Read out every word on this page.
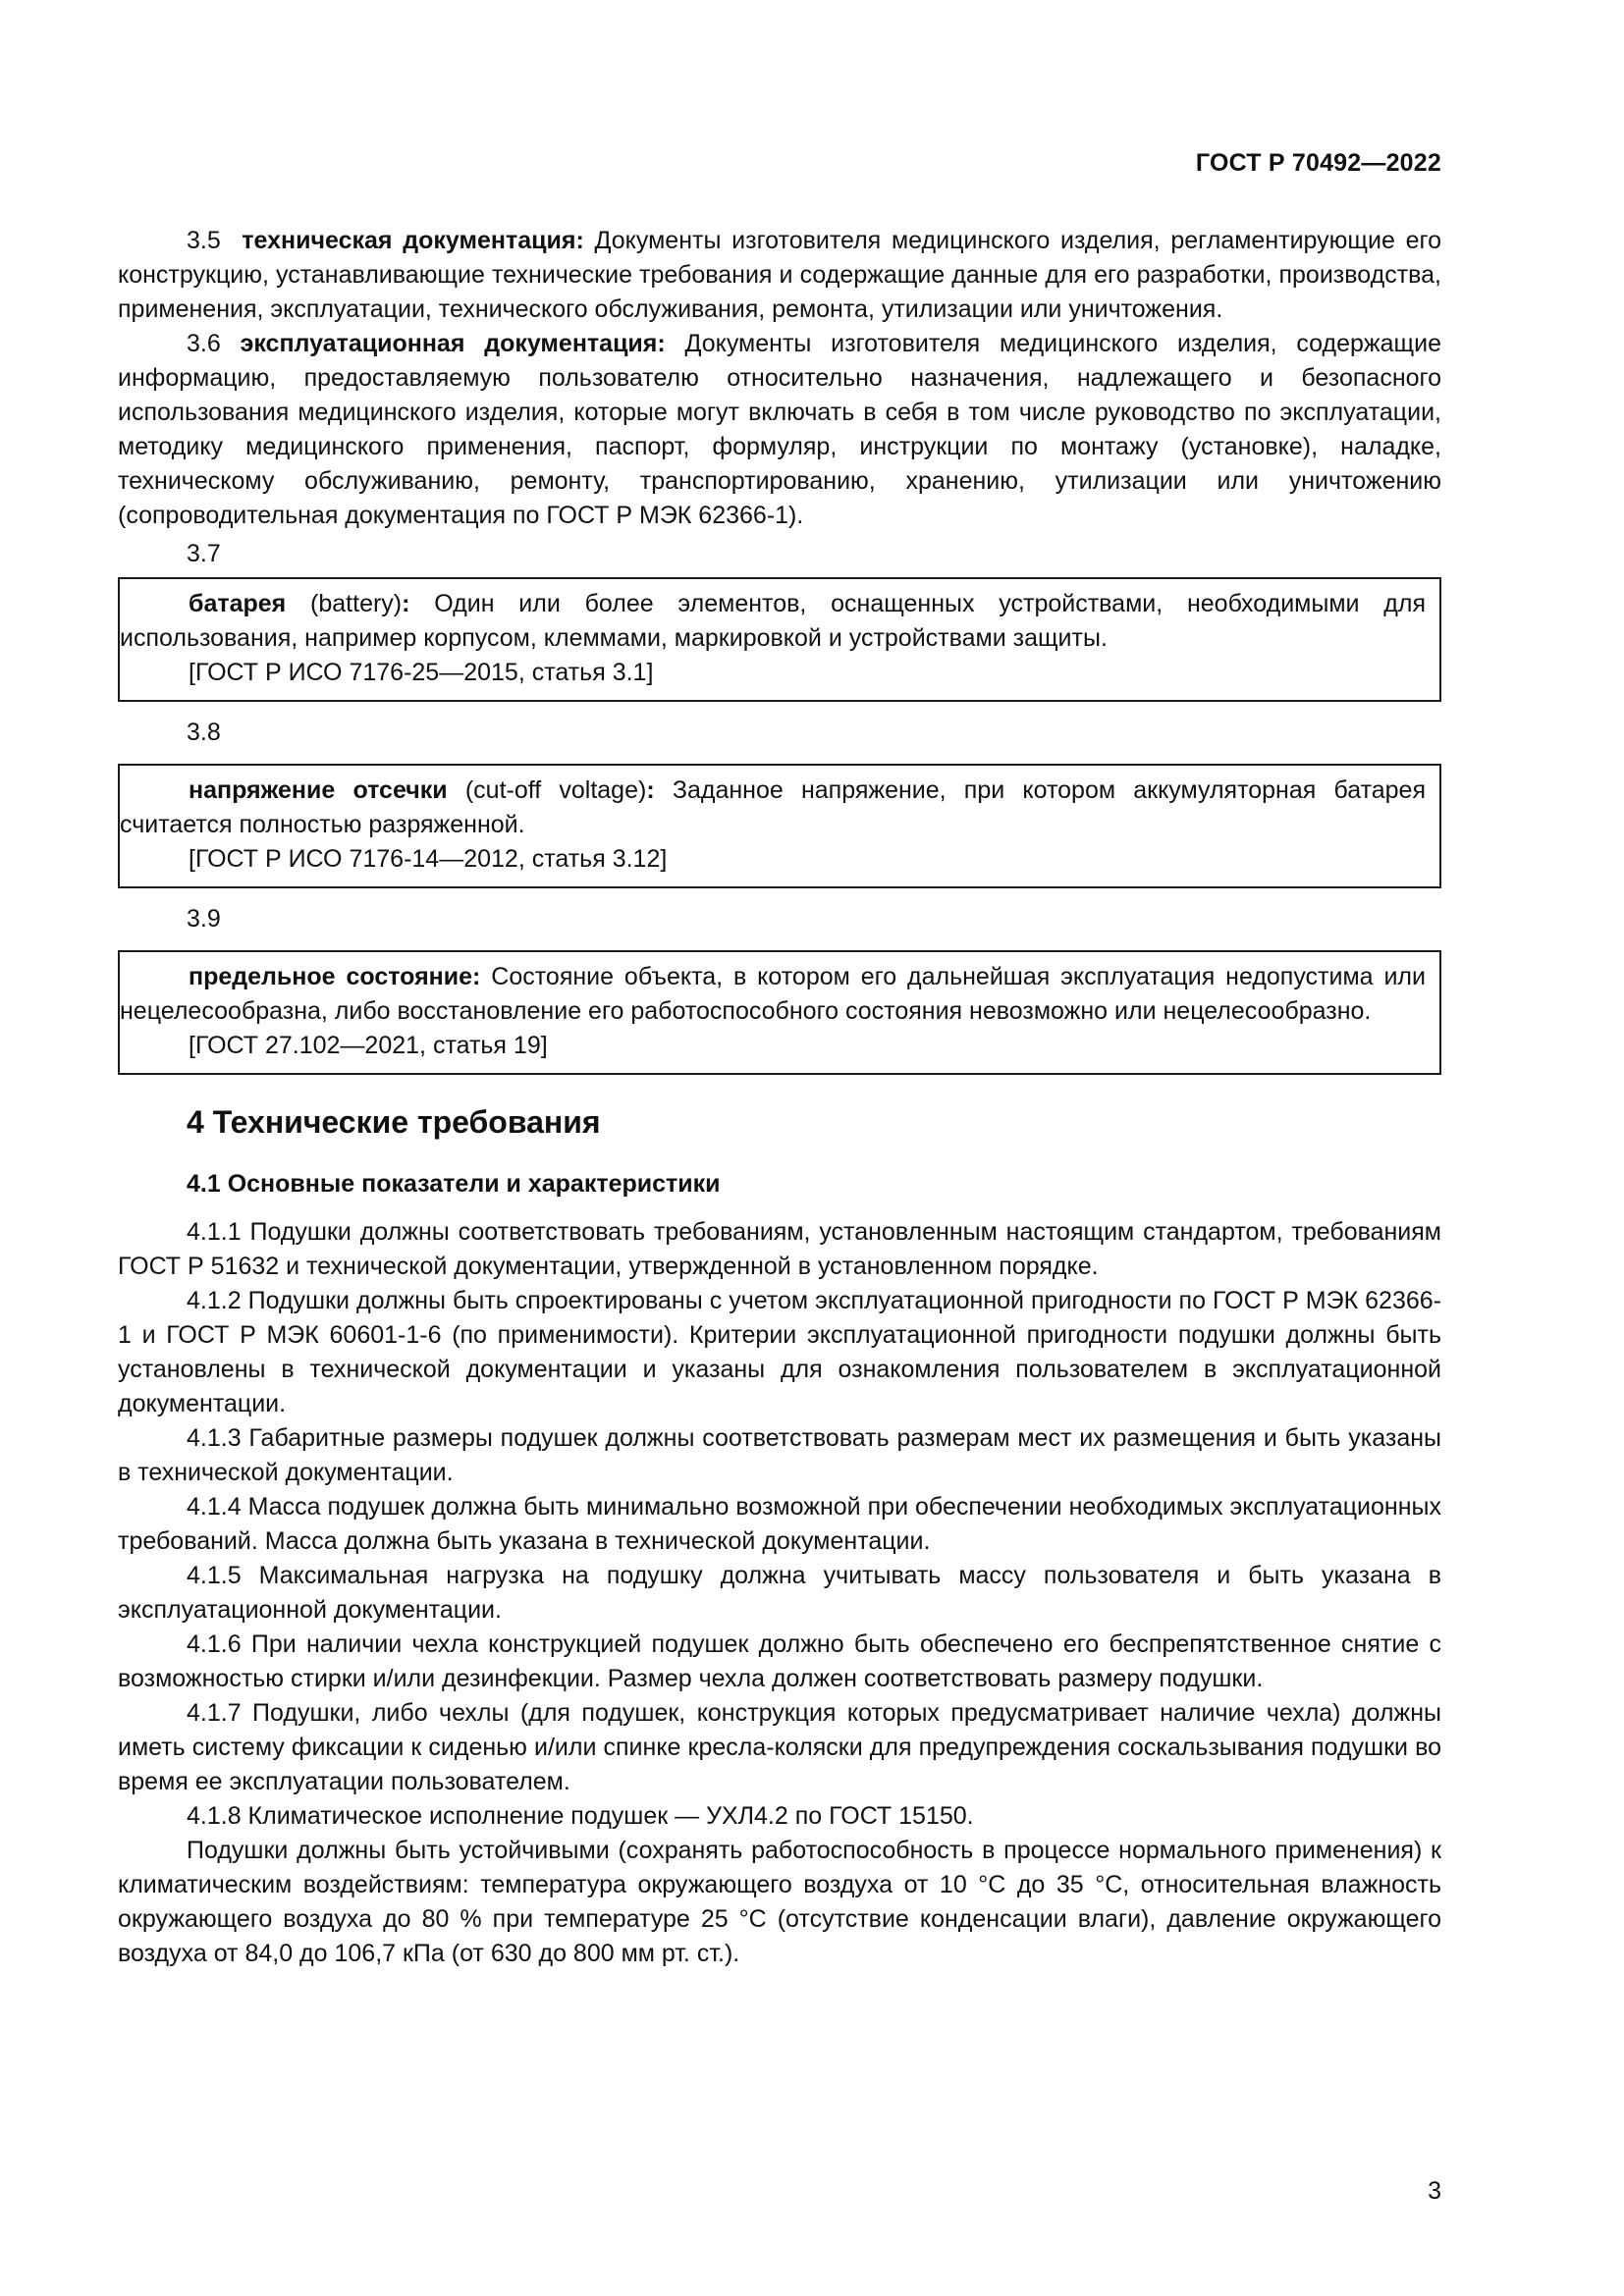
ГОСТ Р 70492—2022

3.5 техническая документация: Документы изготовителя медицинского изделия, регламентирующие его конструкцию, устанавливающие технические требования и содержащие данные для его разработки, производства, применения, эксплуатации, технического обслуживания, ремонта, утилизации или уничтожения.

3.6 эксплуатационная документация: Документы изготовителя медицинского изделия, содержащие информацию, предоставляемую пользователю относительно назначения, надлежащего и безопасного использования медицинского изделия, которые могут включать в себя в том числе руководство по эксплуатации, методику медицинского применения, паспорт, формуляр, инструкции по монтажу (установке), наладке, техническому обслуживанию, ремонту, транспортированию, хранению, утилизации или уничтожению (сопроводительная документация по ГОСТ Р МЭК 62366-1).

3.7

батарея (battery): Один или более элементов, оснащенных устройствами, необходимыми для использования, например корпусом, клеммами, маркировкой и устройствами защиты.

[ГОСТ Р ИСО 7176-25—2015, статья 3.1]

3.8

напряжение отсечки (cut-off voltage): Заданное напряжение, при котором аккумуляторная батарея считается полностью разряженной.

[ГОСТ Р ИСО 7176-14—2012, статья 3.12]

3.9

предельное состояние: Состояние объекта, в котором его дальнейшая эксплуатация недопустима или нецелесообразна, либо восстановление его работоспособного состояния невозможно или нецелесообразно.

[ГОСТ 27.102—2021, статья 19]

4 Технические требования
4.1 Основные показатели и характеристики

4.1.1 Подушки должны соответствовать требованиям, установленным настоящим стандартом, требованиям ГОСТ Р 51632 и технической документации, утвержденной в установленном порядке.

4.1.2 Подушки должны быть спроектированы с учетом эксплуатационной пригодности по ГОСТ Р МЭК 62366-1 и ГОСТ Р МЭК 60601-1-6 (по применимости). Критерии эксплуатационной пригодности подушки должны быть установлены в технической документации и указаны для ознакомления пользователем в эксплуатационной документации.

4.1.3 Габаритные размеры подушек должны соответствовать размерам мест их размещения и быть указаны в технической документации.

4.1.4 Масса подушек должна быть минимально возможной при обеспечении необходимых эксплуатационных требований. Масса должна быть указана в технической документации.

4.1.5 Максимальная нагрузка на подушку должна учитывать массу пользователя и быть указана в эксплуатационной документации.

4.1.6 При наличии чехла конструкцией подушек должно быть обеспечено его беспрепятственное снятие с возможностью стирки и/или дезинфекции. Размер чехла должен соответствовать размеру подушки.

4.1.7 Подушки, либо чехлы (для подушек, конструкция которых предусматривает наличие чехла) должны иметь систему фиксации к сиденью и/или спинке кресла-коляски для предупреждения соскальзывания подушки во время ее эксплуатации пользователем.

4.1.8 Климатическое исполнение подушек — УХЛ4.2 по ГОСТ 15150.

Подушки должны быть устойчивыми (сохранять работоспособность в процессе нормального применения) к климатическим воздействиям: температура окружающего воздуха от 10 °С до 35 °С, относительная влажность окружающего воздуха до 80 % при температуре 25 °С (отсутствие конденсации влаги), давление окружающего воздуха от 84,0 до 106,7 кПа (от 630 до 800 мм рт. ст.).

3
